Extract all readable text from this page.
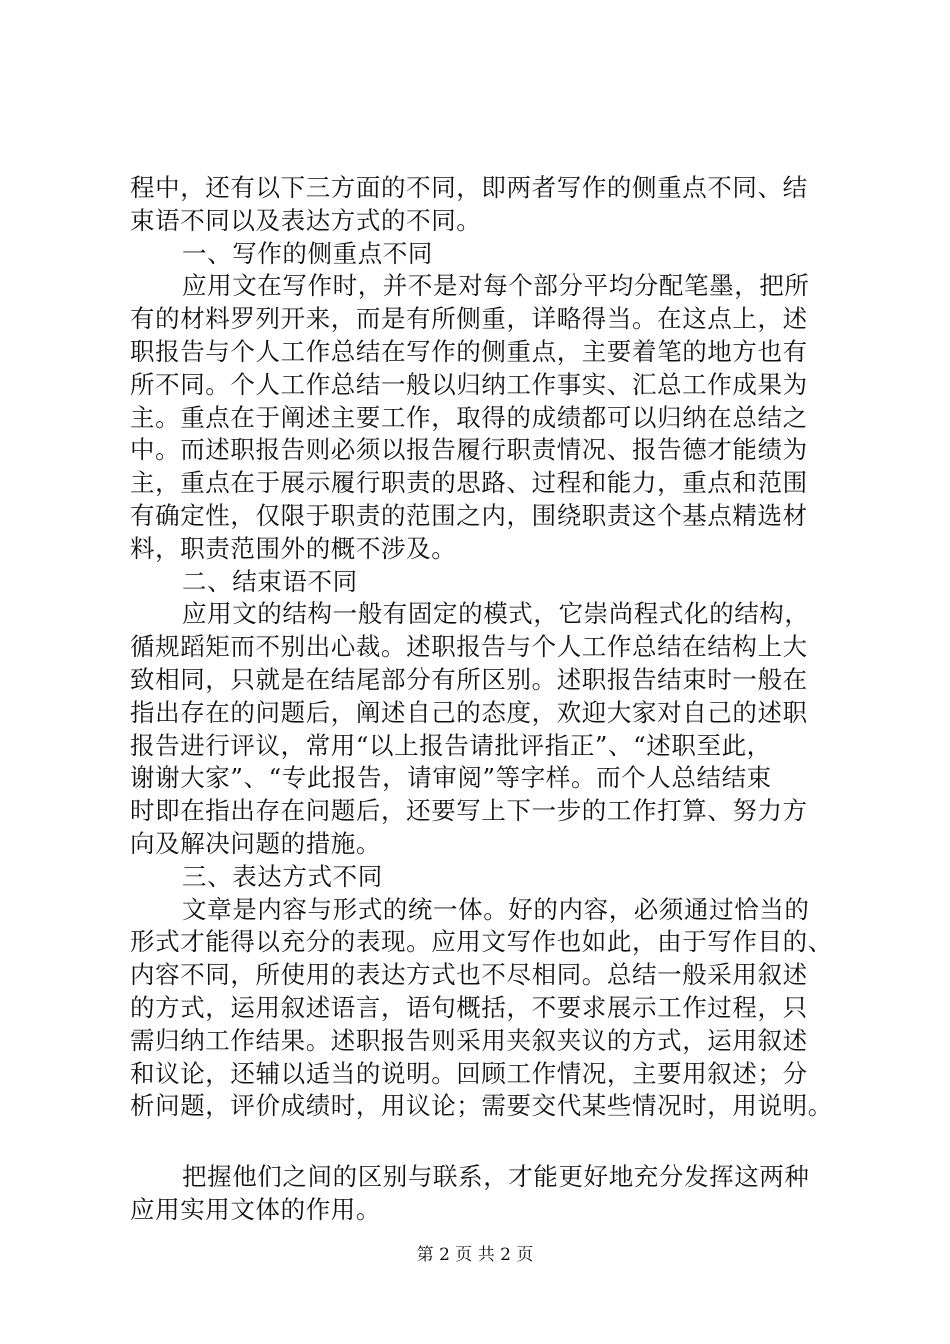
程中，还有以下三方面的不同，即两者写作的侧重点不同、结
束语不同以及表达方式的不同。
一、写作的侧重点不同
应用文在写作时，并不是对每个部分平均分配笔墨，把所
有的材料罗列开来，而是有所侧重，详略得当。在这点上，述
职报告与个人工作总结在写作的侧重点，主要着笔的地方也有
所不同。个人工作总结一般以归纳工作事实、汇总工作成果为
主。重点在于阐述主要工作，取得的成绩都可以归纳在总结之
中。而述职报告则必须以报告履行职责情况、报告德才能绩为
主，重点在于展示履行职责的思路、过程和能力，重点和范围
有确定性，仅限于职责的范围之内，围绕职责这个基点精选材
料，职责范围外的概不涉及。
二、结束语不同
应用文的结构一般有固定的模式，它崇尚程式化的结构，
循规蹈矩而不别出心裁。述职报告与个人工作总结在结构上大
致相同，只就是在结尾部分有所区别。述职报告结束时一般在
指出存在的问题后，阐述自己的态度，欢迎大家对自己的述职
报告进行评议，常用“以上报告请批评指正”、“述职至此，
谢谢大家”、“专此报告，请审阅”等字样。而个人总结结束
时即在指出存在问题后，还要写上下一步的工作打算、努力方
向及解决问题的措施。
三、表达方式不同
文章是内容与形式的统一体。好的内容，必须通过恰当的
形式才能得以充分的表现。应用文写作也如此，由于写作目的、
内容不同，所使用的表达方式也不尽相同。总结一般采用叙述
的方式，运用叙述语言，语句概括，不要求展示工作过程，只
需归纳工作结果。述职报告则采用夹叙夹议的方式，运用叙述
和议论，还辅以适当的说明。回顾工作情况，主要用叙述；分
析问题，评价成绩时，用议论；需要交代某些情况时，用说明。
把握他们之间的区别与联系，才能更好地充分发挥这两种
应用实用文体的作用。
第 2 页 共 2 页
